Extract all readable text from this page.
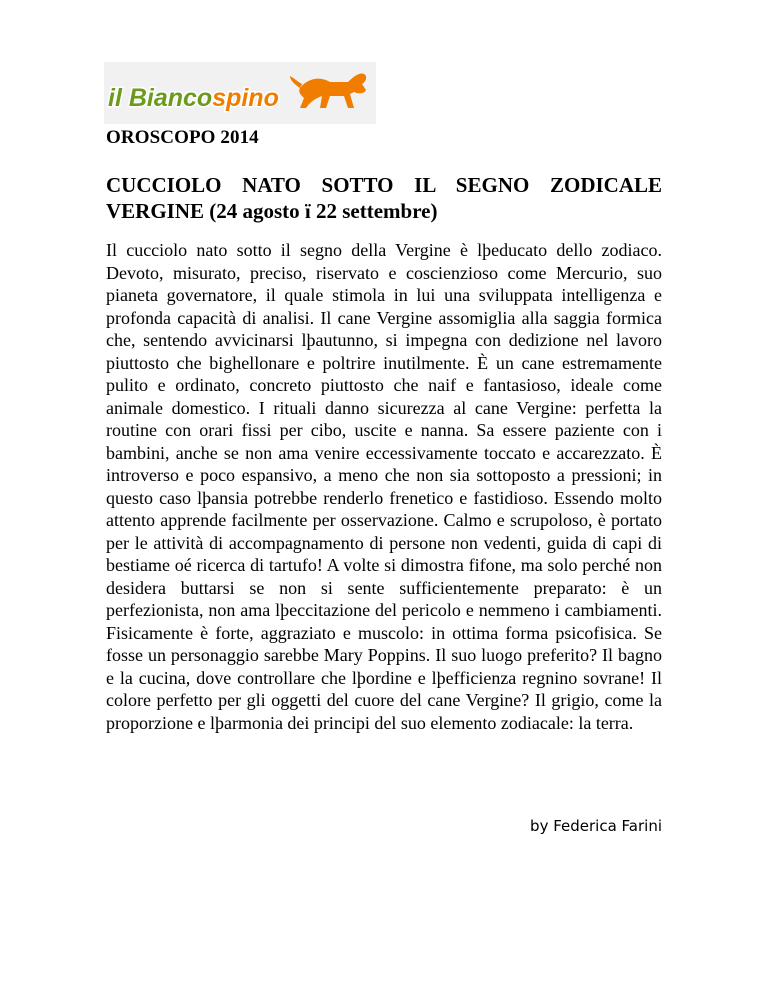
il Biancospino
OROSCOPO 2014
CUCCIOLO NATO SOTTO IL SEGNO ZODICALE
VERGINE (24 agosto ï 22 settembre)

Il cucciolo nato sotto il segno della Vergine è lþeducato dello zodiaco. Devoto, misurato, preciso, riservato e coscienzioso come Mercurio, suo pianeta governatore, il quale stimola in lui una sviluppata intelligenza e profonda capacità di analisi. Il cane Vergine assomiglia alla saggia formica che, sentendo avvicinarsi lþautunno, si impegna con dedizione nel lavoro piuttosto che bighellonare e poltrire inutilmente. È un cane estremamente pulito e ordinato, concreto piuttosto che naif e fantasioso, ideale come animale domestico. I rituali danno sicurezza al cane Vergine: perfetta la routine con orari fissi per cibo, uscite e nanna. Sa essere paziente con i bambini, anche se non ama venire eccessivamente toccato e accarezzato. È introverso e poco espansivo, a meno che non sia sottoposto a pressioni; in questo caso lþansia potrebbe renderlo frenetico e fastidioso. Essendo molto attento apprende facilmente per osservazione. Calmo e scrupoloso, è portato per le attività di accompagnamento di persone non vedenti, guida di capi di bestiame oé ricerca di tartufo! A volte si dimostra fifone, ma solo perché non desidera buttarsi se non si sente sufficientemente preparato: è un perfezionista, non ama lþeccitazione del pericolo e nemmeno i cambiamenti. Fisicamente è forte, aggraziato e muscolo: in ottima forma psicofisica. Se fosse un personaggio sarebbe Mary Poppins. Il suo luogo preferito? Il bagno e la cucina, dove controllare che lþordine e lþefficienza regnino sovrane! Il colore perfetto per gli oggetti del cuore del cane Vergine? Il grigio, come la proporzione e lþarmonia dei principi del suo elemento zodiacale: la terra.

by Federica Farini
